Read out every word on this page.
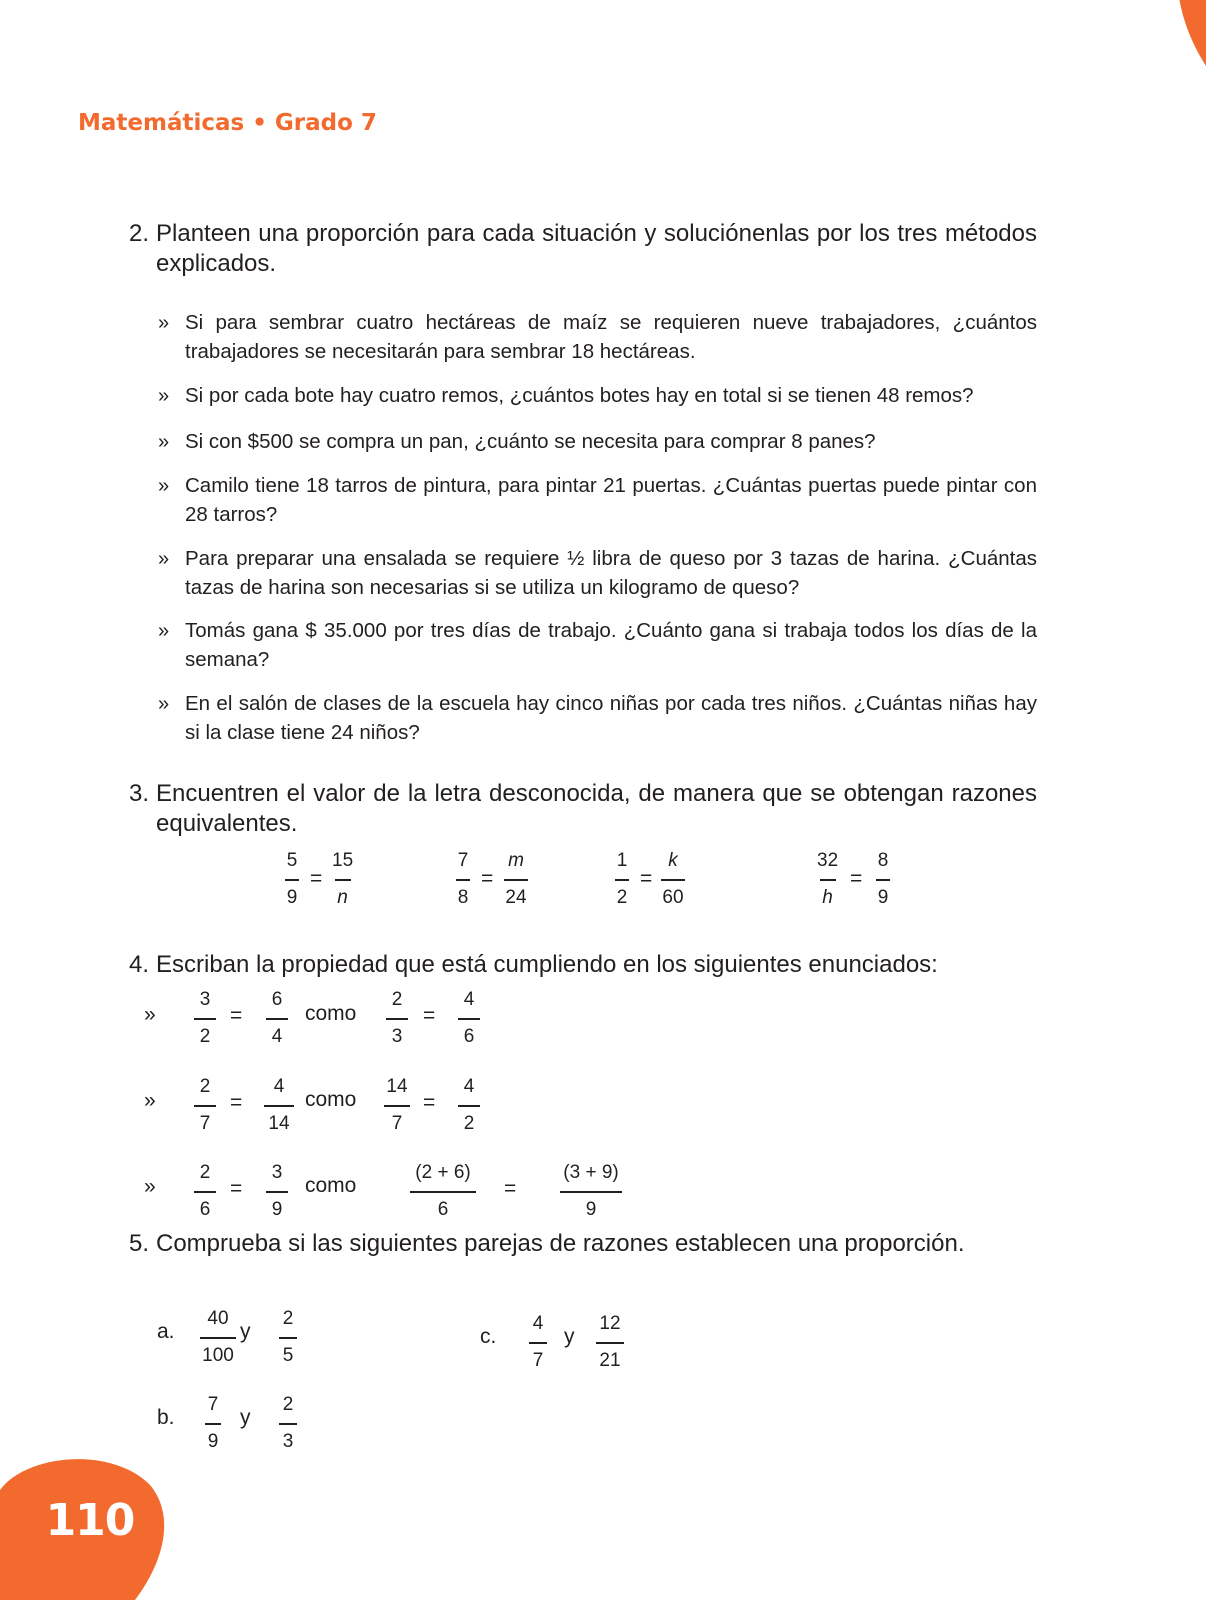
110
Matemáticas • Grado 7
2. Planteen una proporción para cada situación y soluciónenlas por los tres métodos explicados.
» Si para sembrar cuatro hectáreas de maíz se requieren nueve trabajadores, ¿cuántos trabajadores se necesitarán para sembrar 18 hectáreas.
» Si por cada bote hay cuatro remos, ¿cuántos botes hay en total si se tienen 48 remos?
» Si con $500 se compra un pan, ¿cuánto se necesita para comprar 8 panes?
» Camilo tiene 18 tarros de pintura, para pintar 21 puertas. ¿Cuántas puertas puede pintar con 28 tarros?
» Para preparar una ensalada se requiere ½ libra de queso por 3 tazas de harina. ¿Cuántas tazas de harina son necesarias si se utiliza un kilogramo de queso?
» Tomás gana $ 35.000 por tres días de trabajo. ¿Cuánto gana si trabaja todos los días de la semana?
» En el salón de clases de la escuela hay cinco niñas por cada tres niños. ¿Cuántas niñas hay si la clase tiene 24 niños?
3. Encuentren el valor de la letra desconocida, de manera que se obtengan razones equivalentes.
5
9
=
15
n
7
8
=
m
24
1
2
=
k
60
32
h
=
8
9
4. Escriban la propiedad que está cumpliendo en los siguientes enunciados:
»
3
2
=
6
4
como
2
3
=
4
6
»
2
7
=
4
14
como
14
7
=
4
2
»
2
6
=
3
9
como
(2 + 6)
6
=
(3 + 9)
9
5. Comprueba si las siguientes parejas de razones establecen una proporción.
a.
40
100
y
2
5
b.
7
9
y
2
3
c.
4
7
y
12
21
